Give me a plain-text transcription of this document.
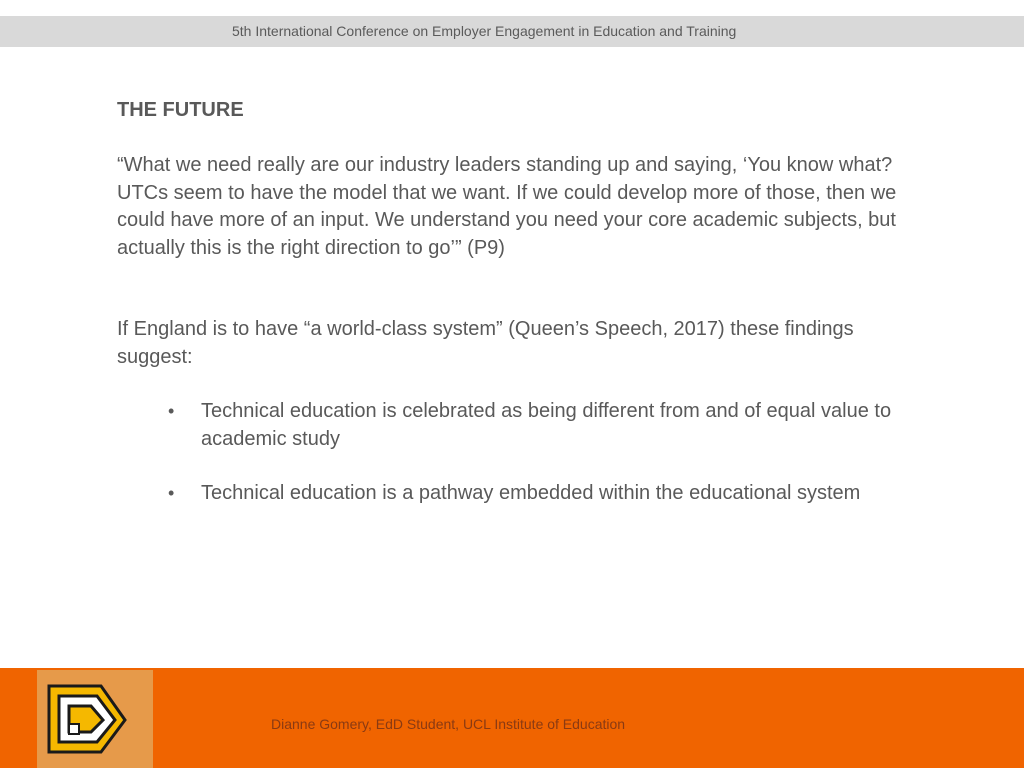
5th International Conference on Employer Engagement in Education and Training
THE FUTURE

“What we need really are our industry leaders standing up and saying, ‘You know what? UTCs seem to have the model that we want. If we could develop more of those, then we could have more of an input. We understand you need your core academic subjects, but actually this is the right direction to go’” (P9)

If England is to have “a world-class system” (Queen’s Speech, 2017) these findings suggest:

• Technical education is celebrated as being different from and of equal value to academic study
• Technical education is a pathway embedded within the educational system
Dianne Gomery, EdD Student, UCL Institute of Education
